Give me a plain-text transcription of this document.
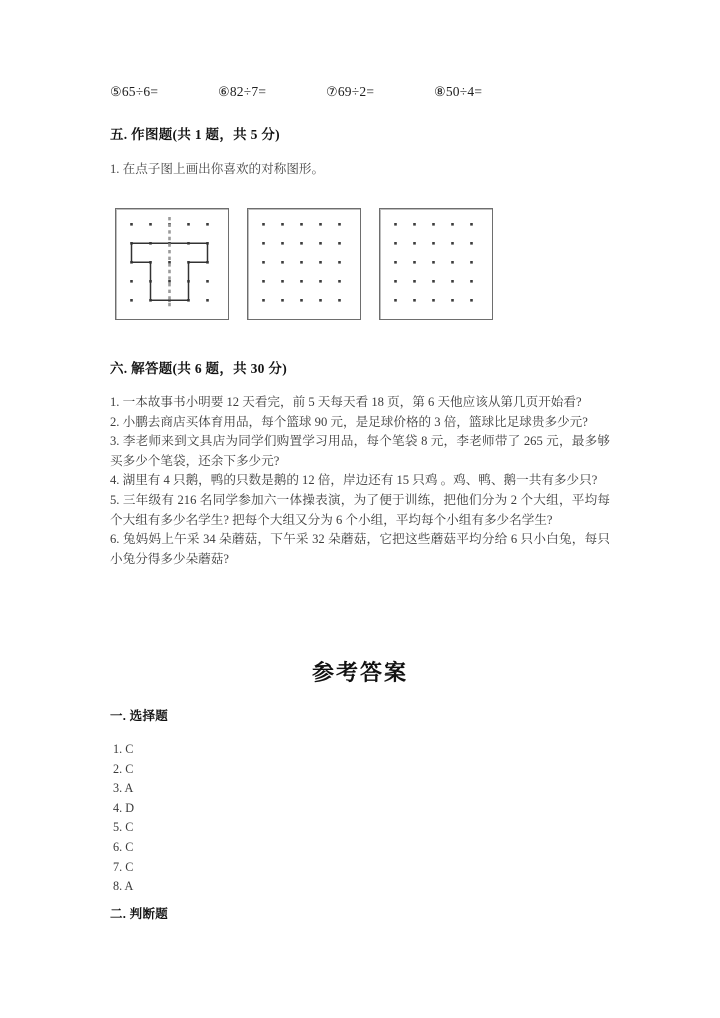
⑤65÷6=	⑥82÷7=	⑦69÷2=	⑧50÷4=
五. 作图题(共 1 题，共 5 分)
1. 在点子图上画出你喜欢的对称图形。
六. 解答题(共 6 题，共 30 分)

1. 一本故事书小明要 12 天看完，前 5 天每天看 18 页，第 6 天他应该从第几页开始看?

2. 小鹏去商店买体育用品，每个篮球 90 元，是足球价格的 3 倍，篮球比足球贵多少元?

3. 李老师来到文具店为同学们购置学习用品，每个笔袋 8 元，李老师带了 265 元，最多够买多少个笔袋，还余下多少元?

4. 湖里有 4 只鹅，鸭的只数是鹅的 12 倍，岸边还有 15 只鸡 。鸡、鸭、鹅一共有多少只?

5. 三年级有 216 名同学参加六一体操表演，为了便于训练，把他们分为 2 个大组，平均每个大组有多少名学生? 把每个大组又分为 6 个小组，平均每个小组有多少名学生?

6. 兔妈妈上午采 34 朵蘑菇，下午采 32 朵蘑菇，它把这些蘑菇平均分给 6 只小白兔，每只小兔分得多少朵蘑菇?

参考答案
一. 选择题
1. C
2. C
3. A
4. D
5. C
6. C
7. C
8. A
二. 判断题
